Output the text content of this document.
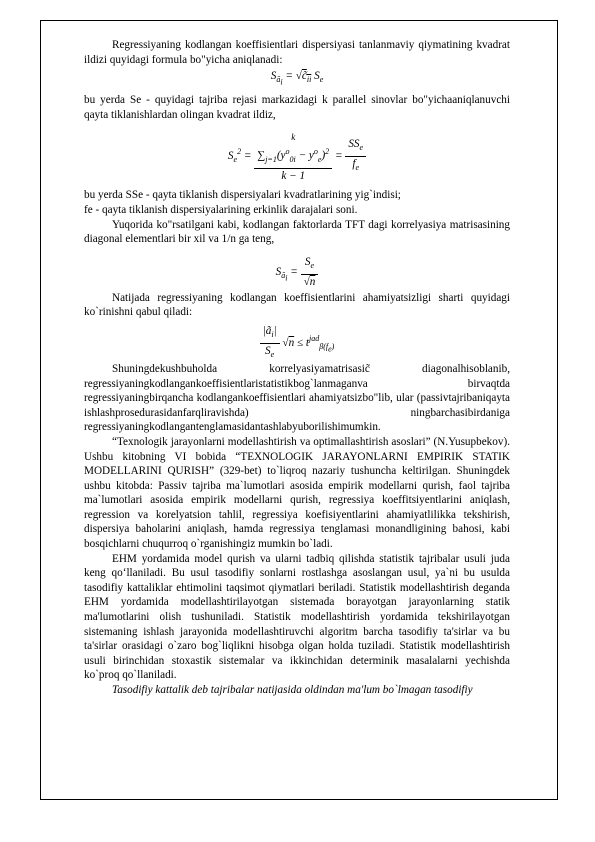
Regressiyaning kodlangan koeffisientlari dispersiyasi tanlanmaviy qiymatining kvadrat ildizi quyidagi formula bo"yicha aniqlanadi:

$S_{ã_i}$ = $√c̃_{ii}$ $S_e$

bu yerda Se - quyidagi tajriba rejasi markazidagi k parallel sinovlar bo"yichaaniqlanuvchi qayta tiklanishlardan olingan kvadrat ildiz,

$S_e^2$ =
k
$\sum_{j=1}(y^o_{0i} - y^o_e)^2$
k − 1
= $\frac{SS_e}{f_e}$

bu yerda SSe - qayta tiklanish dispersiyalari kvadratlarining yig`indisi;

fe - qayta tiklanish dispersiyalarining erkinlik darajalari soni.

Yuqorida ko"rsatilgani kabi, kodlangan faktorlarda TFT dagi korrelyasiya matrisasining diagonal elementlari bir xil va 1/n ga teng,

$S_{ã_i} = \frac{S_e}{√n}$

Natijada regressiyaning kodlangan koeffisientlarini ahamiyatsizligi sharti quyidagi ko`rinishni qabul qiladi:

$\frac{|ã_i|}{S_e} √n \le t^{jad}_{\beta(f_e)}$

Shuningdekushbuholda korrelyasiyamatrisasic̃ diagonalhisoblanib, regressiyaningkodlangankoeffisientlaristatistikbog`lanmaganva birvaqtda regressiyaningbirqancha kodlangankoeffisientlari ahamiyatsizbo"lib, ular (passivtajribaniqayta ishlashprosedurasidanfarqliravishda) ningbarchasibirdaniga regressiyaningkodlangantenglamasidantashlabyuborilishimumkin.

“Texnologik jarayonlarni modellashtirish va optimallashtirish asoslari” (N.Yusupbekov). Ushbu kitobning VI bobida “TEXNOLOGIK JARAYONLARNI EMPIRIK STATIK MODELLARINI QURISH” (329-bet) to`liqroq nazariy tushuncha keltirilgan. Shuningdek ushbu kitobda: Passiv tajriba ma`lumotlari asosida empirik modellarni qurish, faol tajriba ma`lumotlari asosida empirik modellarni qurish, regressiya koeffitsiyentlarini aniqlash, regression va korelyatsion tahlil, regressiya koefisiyentlarini ahamiyatlilikka tekshirish, dispersiya baholarini aniqlash, hamda regressiya tenglamasi monandligining bahosi, kabi bosqichlarni chuqurroq o`rganishingiz mumkin bo`ladi.

EHM yordamida model qurish va ularni tadbiq qilishda statistik tajribalar usuli juda keng qo‘llaniladi. Bu usul tasodifiy sonlarni rostlashga asoslangan usul, ya`ni bu usulda tasodifiy kattaliklar ehtimolini taqsimot qiymatlari beriladi. Statistik modellashtirish deganda EHM yordamida modellashtirilayotgan sistemada borayotgan jarayonlarning statik ma'lumotlarini olish tushuniladi. Statistik modellashtirish yordamida tekshirilayotgan sistemaning ishlash jarayonida modellashtiruvchi algoritm barcha tasodifiy ta'sirlar va bu ta'sirlar orasidagi o`zaro bog`liqlikni hisobga olgan holda tuziladi. Statistik modellashtirish usuli birinchidan stoxastik sistemalar va ikkinchidan determinik masalalarni yechishda ko`proq qo`llaniladi.

Tasodifiy kattalik deb tajribalar natijasida oldindan ma'lum bo`lmagan tasodifiy
